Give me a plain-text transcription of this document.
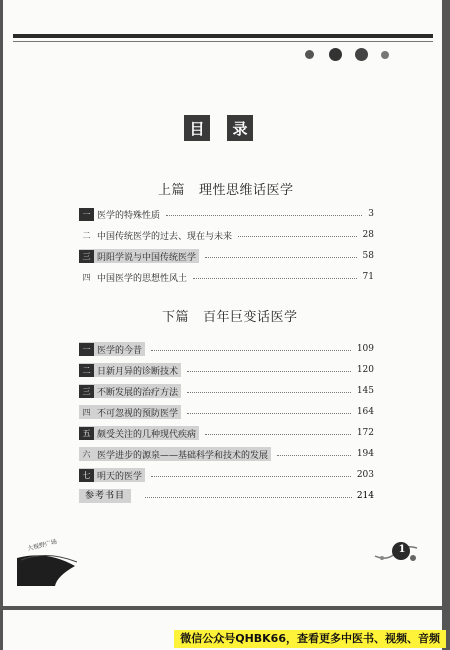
目 录
上篇 理性思维话医学
一 医学的特殊性质	3
二 中国传统医学的过去、现在与未来	28
三 阴阳学说与中国传统医学	58
四 中国医学的思想性风土	71
下篇 百年巨变话医学
一 医学的今昔	109
二 日新月异的诊断技术	120
三 不断发展的治疗方法	145
四 不可忽视的预防医学	164
五 颇受关注的几种现代疾病	172
六 医学进步的源泉——基础科学和技术的发展	194
七 明天的医学	203
参考书目	214
大视野广场	1
微信公众号QHBK66，查看更多中医书、视频、音频
